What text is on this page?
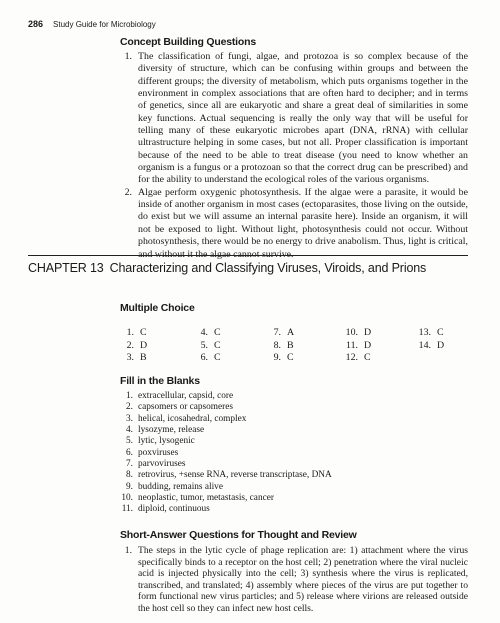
286 Study Guide for Microbiology
Concept Building Questions
1. The classification of fungi, algae, and protozoa is so complex because of the diversity of structure, which can be confusing within groups and between the different groups; the diversity of metabolism, which puts organisms together in the environment in complex associations that are often hard to decipher; and in terms of genetics, since all are eukaryotic and share a great deal of similarities in some key functions. Actual sequencing is really the only way that will be useful for telling many of these eukaryotic microbes apart (DNA, rRNA) with cellular ultrastructure helping in some cases, but not all. Proper classification is important because of the need to be able to treat disease (you need to know whether an organism is a fungus or a protozoan so that the correct drug can be prescribed) and for the ability to understand the ecological roles of the various organisms.
2. Algae perform oxygenic photosynthesis. If the algae were a parasite, it would be inside of another organism in most cases (ectoparasites, those living on the outside, do exist but we will assume an internal parasite here). Inside an organism, it will not be exposed to light. Without light, photosynthesis could not occur. Without photosynthesis, there would be no energy to drive anabolism. Thus, light is critical, and without it the algae cannot survive.
CHAPTER 13 Characterizing and Classifying Viruses, Viroids, and Prions
Multiple Choice
1. C
2. D
3. B
4. C
5. C
6. C
7. A
8. B
9. C
10. D
11. D
12. C
13. C
14. D
Fill in the Blanks
1. extracellular, capsid, core
2. capsomers or capsomeres
3. helical, icosahedral, complex
4. lysozyme, release
5. lytic, lysogenic
6. poxviruses
7. parvoviruses
8. retrovirus, +sense RNA, reverse transcriptase, DNA
9. budding, remains alive
10. neoplastic, tumor, metastasis, cancer
11. diploid, continuous
Short-Answer Questions for Thought and Review
1. The steps in the lytic cycle of phage replication are: 1) attachment where the virus specifically binds to a receptor on the host cell; 2) penetration where the viral nucleic acid is injected physically into the cell; 3) synthesis where the virus is replicated, transcribed, and translated; 4) assembly where pieces of the virus are put together to form functional new virus particles; and 5) release where virions are released outside the host cell so they can infect new host cells.
